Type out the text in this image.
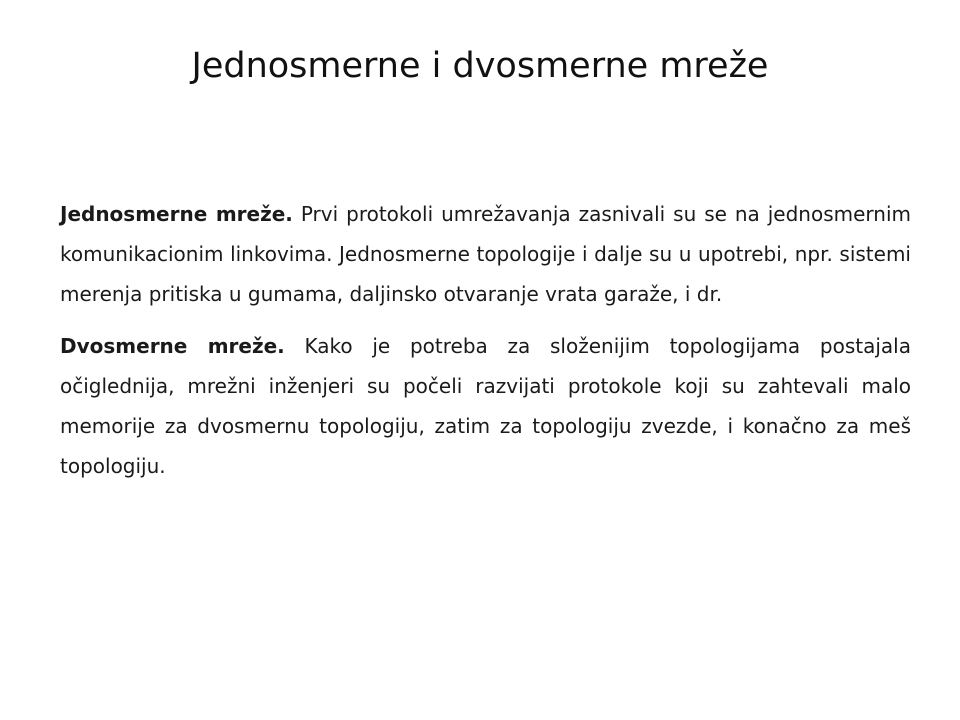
Jednosmerne i dvosmerne mreže

Jednosmerne mreže. Prvi protokoli umrežavanja zasnivali su se na jednosmernim komunikacionim linkovima. Jednosmerne topologije i dalje su u upotrebi, npr. sistemi merenja pritiska u gumama, daljinsko otvaranje vrata garaže, i dr.

Dvosmerne mreže. Kako je potreba za složenijim topologijama postajala očiglednija, mrežni inženjeri su počeli razvijati protokole koji su zahtevali malo memorije za dvosmernu topologiju, zatim za topologiju zvezde, i konačno za meš topologiju.
